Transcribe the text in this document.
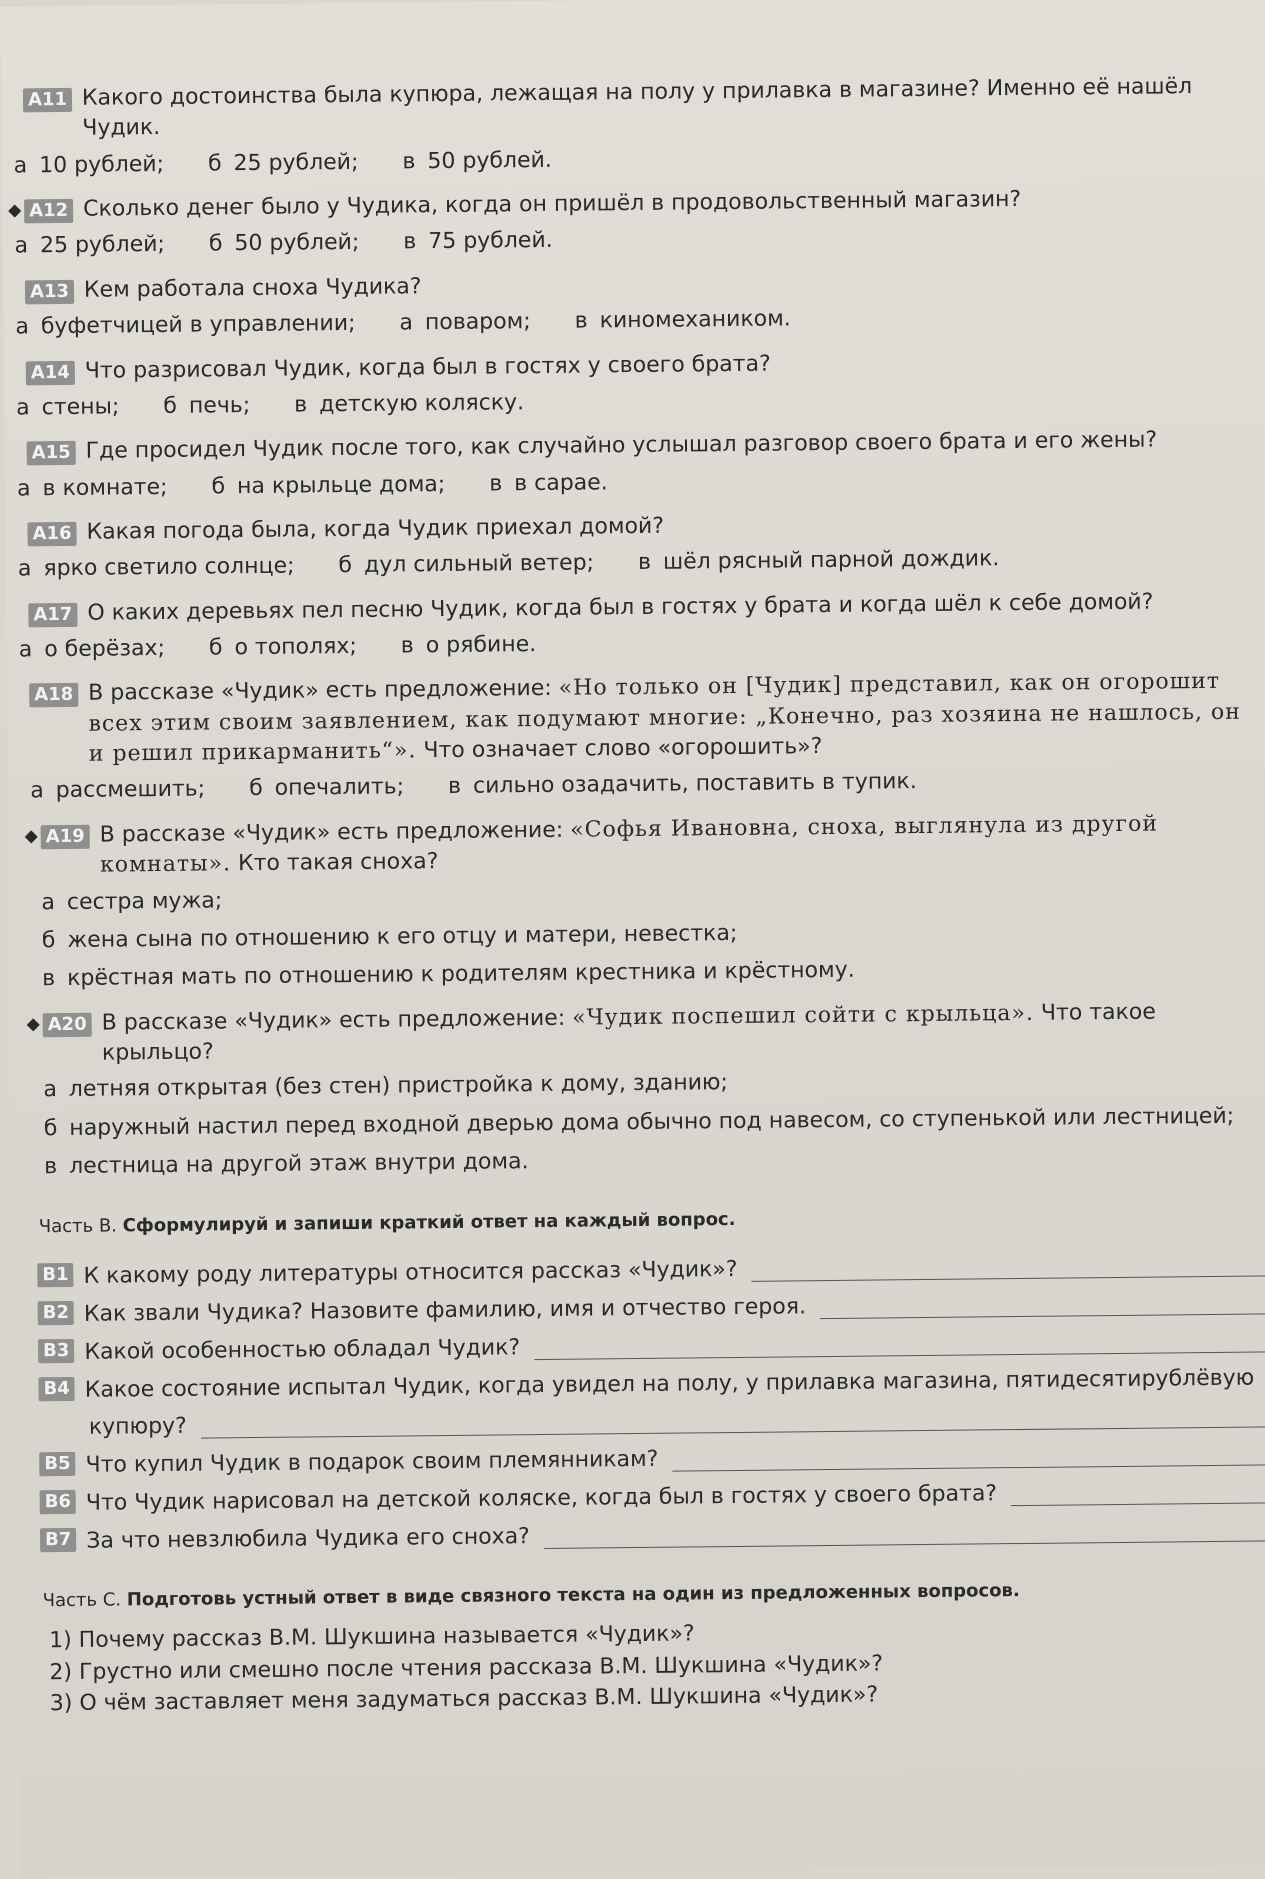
A11 Какого достоинства была купюра, лежащая на полу у прилавка в магазине? Именно её нашёл Чудик.
а 10 рублей; б 25 рублей; в 50 рублей.
◆ A12 Сколько денег было у Чудика, когда он пришёл в продовольственный магазин?
а 25 рублей; б 50 рублей; в 75 рублей.
A13 Кем работала сноха Чудика?
а буфетчицей в управлении; а поваром; в киномехаником.
A14 Что разрисовал Чудик, когда был в гостях у своего брата?
а стены; б печь; в детскую коляску.
A15 Где просидел Чудик после того, как случайно услышал разговор своего брата и его жены?
а в комнате; б на крыльце дома; в в сарае.
A16 Какая погода была, когда Чудик приехал домой?
а ярко светило солнце; б дул сильный ветер; в шёл рясный парной дождик.
A17 О каких деревьях пел песню Чудик, когда был в гостях у брата и когда шёл к себе домой?
а о берёзах; б о тополях; в о рябине.
A18 В рассказе «Чудик» есть предложение: «Но только он [Чудик] представил, как он огорошит всех этим своим заявлением, как подумают многие: „Конечно, раз хозяина не нашлось, он и решил прикарманить“». Что означает слово «огорошить»?
а рассмешить; б опечалить; в сильно озадачить, поставить в тупик.
◆ A19 В рассказе «Чудик» есть предложение: «Софья Ивановна, сноха, выглянула из другой комнаты». Кто такая сноха?
а сестра мужа;
б жена сына по отношению к его отцу и матери, невестка;
в крёстная мать по отношению к родителям крестника и крёстному.
◆ A20 В рассказе «Чудик» есть предложение: «Чудик поспешил сойти с крыльца». Что такое крыльцо?
а летняя открытая (без стен) пристройка к дому, зданию;
б наружный настил перед входной дверью дома обычно под навесом, со ступенькой или лестницей;
в лестница на другой этаж внутри дома.
Часть В. Сформулируй и запиши краткий ответ на каждый вопрос.
B1 К какому роду литературы относится рассказ «Чудик»?
B2 Как звали Чудика? Назовите фамилию, имя и отчество героя.
B3 Какой особенностью обладал Чудик?
B4 Какое состояние испытал Чудик, когда увидел на полу, у прилавка магазина, пятидесятирублёвую
купюру?
B5 Что купил Чудик в подарок своим племянникам?
B6 Что Чудик нарисовал на детской коляске, когда был в гостях у своего брата?
B7 За что невзлюбила Чудика его сноха?
Часть С. Подготовь устный ответ в виде связного текста на один из предложенных вопросов.
1) Почему рассказ В.М. Шукшина называется «Чудик»?
2) Грустно или смешно после чтения рассказа В.М. Шукшина «Чудик»?
3) О чём заставляет меня задуматься рассказ В.М. Шукшина «Чудик»?
